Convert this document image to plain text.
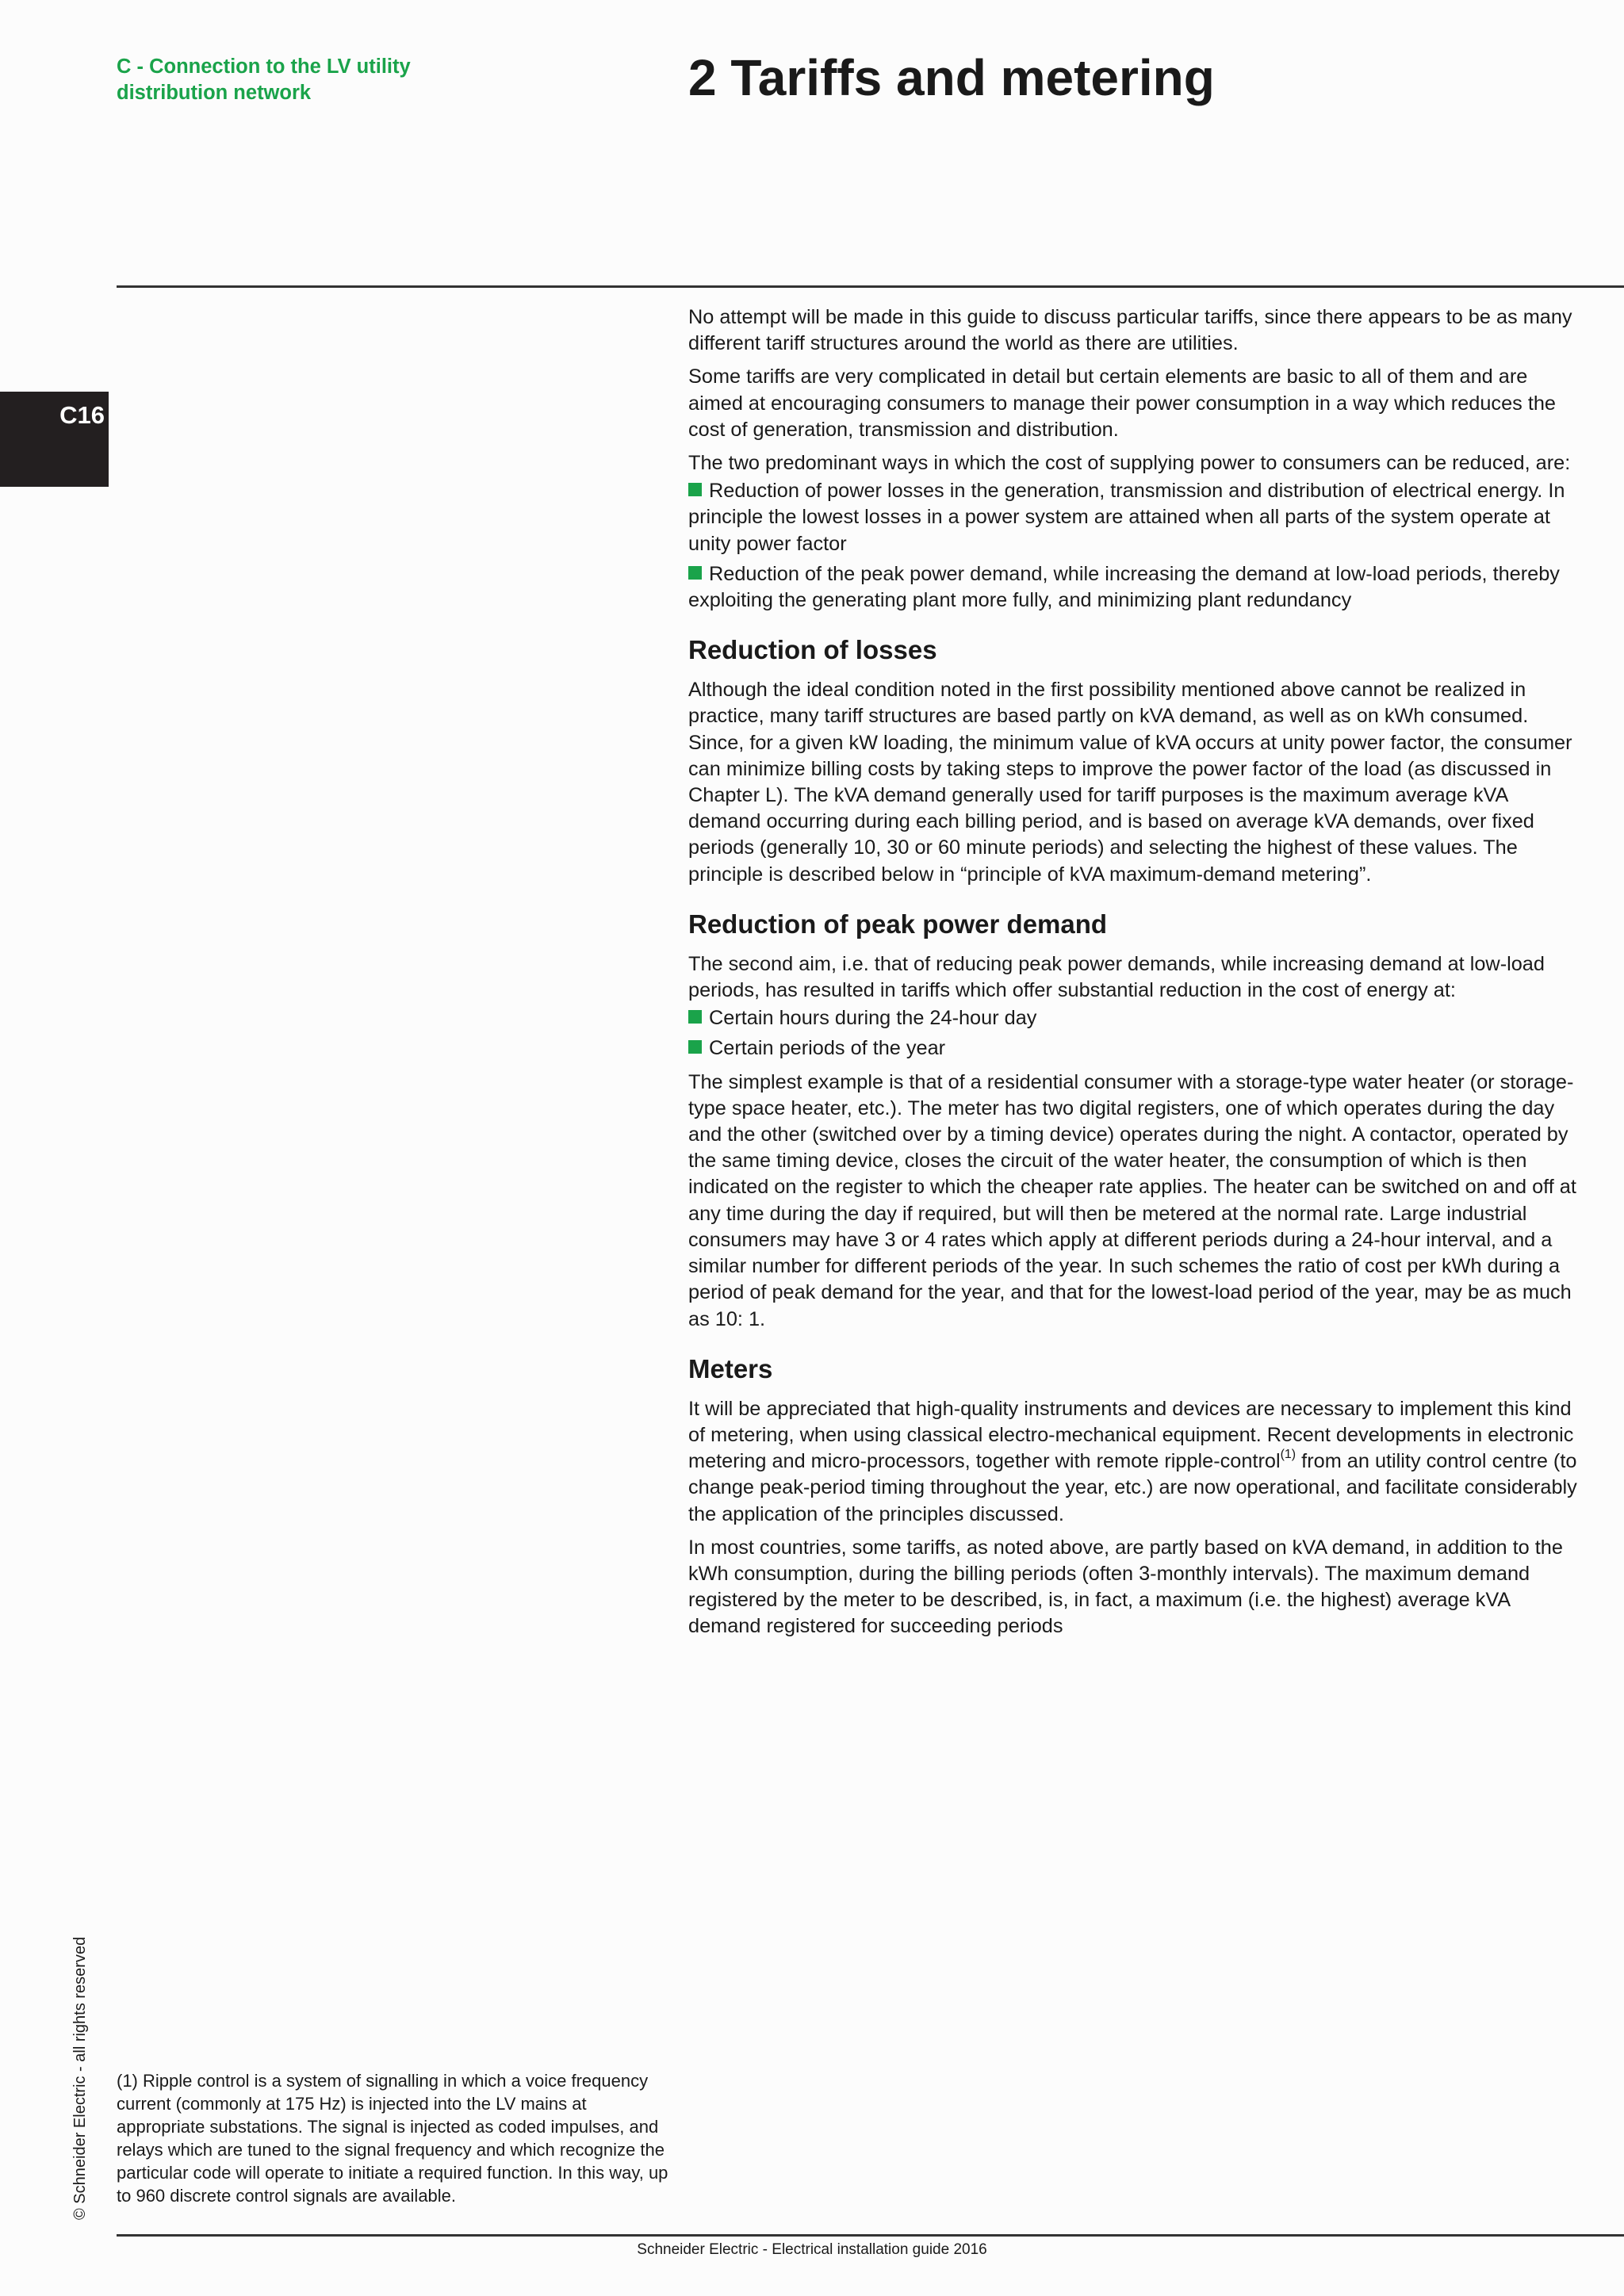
C - Connection to the LV utility
distribution network	2 Tariffs and metering
C16

No attempt will be made in this guide to discuss particular tariffs, since there appears to be as many different tariff structures around the world as there are utilities.

Some tariffs are very complicated in detail but certain elements are basic to all of them and are aimed at encouraging consumers to manage their power consumption in a way which reduces the cost of generation, transmission and distribution.

The two predominant ways in which the cost of supplying power to consumers can be reduced, are:

Reduction of power losses in the generation, transmission and distribution of electrical energy. In principle the lowest losses in a power system are attained when all parts of the system operate at unity power factor
Reduction of the peak power demand, while increasing the demand at low-load periods, thereby exploiting the generating plant more fully, and minimizing plant redundancy
Reduction of losses

Although the ideal condition noted in the first possibility mentioned above cannot be realized in practice, many tariff structures are based partly on kVA demand, as well as on kWh consumed. Since, for a given kW loading, the minimum value of kVA occurs at unity power factor, the consumer can minimize billing costs by taking steps to improve the power factor of the load (as discussed in Chapter L). The kVA demand generally used for tariff purposes is the maximum average kVA demand occurring during each billing period, and is based on average kVA demands, over fixed periods (generally 10, 30 or 60 minute periods) and selecting the highest of these values. The principle is described below in “principle of kVA maximum-demand metering”.

Reduction of peak power demand

The second aim, i.e. that of reducing peak power demands, while increasing demand at low-load periods, has resulted in tariffs which offer substantial reduction in the cost of energy at:

Certain hours during the 24-hour day
Certain periods of the year

The simplest example is that of a residential consumer with a storage-type water heater (or storage-type space heater, etc.). The meter has two digital registers, one of which operates during the day and the other (switched over by a timing device) operates during the night. A contactor, operated by the same timing device, closes the circuit of the water heater, the consumption of which is then indicated on the register to which the cheaper rate applies. The heater can be switched on and off at any time during the day if required, but will then be metered at the normal rate. Large industrial consumers may have 3 or 4 rates which apply at different periods during a 24-hour interval, and a similar number for different periods of the year. In such schemes the ratio of cost per kWh during a period of peak demand for the year, and that for the lowest-load period of the year, may be as much as 10: 1.

Meters

It will be appreciated that high-quality instruments and devices are necessary to implement this kind of metering, when using classical electro-mechanical equipment. Recent developments in electronic metering and micro-processors, together with remote ripple-control$^{(1)}$ from an utility control centre (to change peak-period timing throughout the year, etc.) are now operational, and facilitate considerably the application of the principles discussed.

In most countries, some tariffs, as noted above, are partly based on kVA demand, in addition to the kWh consumption, during the billing periods (often 3-monthly intervals). The maximum demand registered by the meter to be described, is, in fact, a maximum (i.e. the highest) average kVA demand registered for succeeding periods

© Schneider Electric - all rights reserved (1) Ripple control is a system of signalling in which a voice frequency current (commonly at 175 Hz) is injected into the LV mains at appropriate substations. The signal is injected as coded impulses, and relays which are tuned to the signal frequency and which recognize the particular code will operate to initiate a required function. In this way, up to 960 discrete control signals are available.

Schneider Electric - Electrical installation guide 2016
